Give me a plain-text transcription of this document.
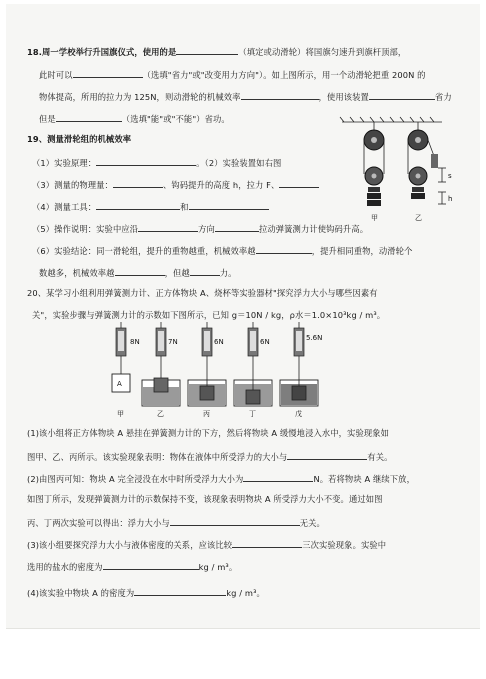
18.周一学校举行升国旗仪式，使用的是	（填定或动滑轮）将国旗匀速升到旗杆顶部，
此时可以	（选填"省力"或"改变用力方向"）。如上图所示，用一个动滑轮把重 200N 的
物体提高，所用的拉力为 125N，则动滑轮的机械效率	，使用该装置	省力
但是	（选填"能"或"不能"）省功。
19、测量滑轮组的机械效率
（1）实验原理：	。（2）实验装置如右图
（3）测量的物理量：	、钩码提升的高度 h，拉力 F、
（4）测量工具：	和
（5）操作说明：实验中应沿	方向	拉动弹簧测力计使钩码升高。
（6）实验结论：同一滑轮组，提升的重物越重，机械效率越	，提升相同重物，动滑轮个
数越多，机械效率越	，但越	力。
甲	乙
s
h
20、某学习小组利用弹簧测力计、正方体物块 A、烧杯等实验器材"探究浮力大小与哪些因素有
关"，实验步骤与弹簧测力计的示数如下图所示，已知 g＝10N / kg，ρ水＝1.0×10³kg / m³。
8N
A
甲
7N
乙
6N
丙
6N
丁
5.6N
戊
(1)该小组将正方体物块 A 悬挂在弹簧测力计的下方，然后将物块 A 缓慢地浸入水中，实验现象如
图甲、乙、丙所示。该实验现象表明：物体在液体中所受浮力的大小与	有关。
(2)由图丙可知：物块 A 完全浸没在水中时所受浮力大小为	N。若将物块 A 继续下放，
如图丁所示，发现弹簧测力计的示数保持不变，该现象表明物块 A 所受浮力大小不变。通过如图
丙、丁两次实验可以得出：浮力大小与	无关。
(3)该小组要探究浮力大小与液体密度的关系，应该比较	三次实验现象。实验中
选用的盐水的密度为	kg / m³。
(4)该实验中物块 A 的密度为	kg / m³。
